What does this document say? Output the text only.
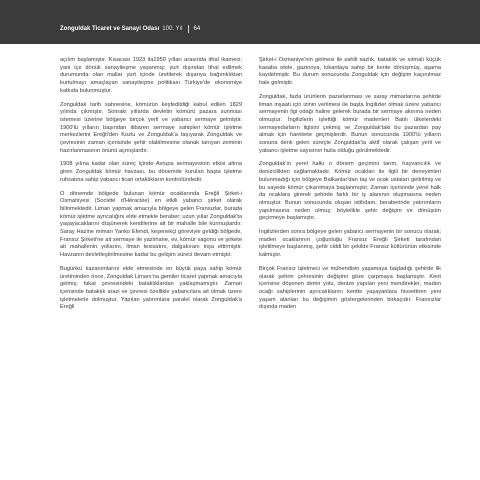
Zonguldak Ticaret ve Sanayi Odası 100. Yıl 64

açılım başlamıştır. Kısacası 1923 ila1950 yılları arasında ithal ikameci; yani içe dönük sanayileşme yaşanmış; yurt dışından ithal edilmek durumunda olan mallar yurt içinde üretilerek dışarıya bağımlılıktan kurtulmayı amaçlayan sanayileşme politikası Türkiye'de ekonomiye katkıda bulunmuştur.

Zonguldak tarih sahnesine, kömürün keşfedildiği kabul edilen 1829 yılında çıkmıştır. Sonraki yıllarda devletin kömürü pazara sunması istemesi üzerine bölgeye birçok yerli ve yabancı sermaye gelmiştir. 1900'lü yılların başından itibaren sermaye sahipleri kömür işletme merkezlerini Ereğli'den Kozlu ve Zonguldak'a taşıyarak Zonguldak ve çevresinin zaman içerisinde şehir olabilmesine olanak tanıyan zeminin hazırlanmasının önünü açmışlardır.

1908 yılına kadar olan süreç içinde Avrupa sermayesinin etkisi altına giren Zonguldak kömür havzası, bu dönemde kurulan başta işletme ruhsatına sahip yabancı ticari ortaklıkların kontrolündedir.

O dönemde bölgede bulunan kömür ocaklarında Ereğli Şirket-i Osmaniyesi (Société d'Héraclée) en etkili yabancı şirket olarak bilinmektedir. Liman yapmak amacıyla bölgeye gelen Fransızlar, burada kömür işletme ayrıcalığını elde etmekle beraber; uzun yıllar Zonguldak'ta yaşayacaklarını düşünerek kendilerine ait bir mahalle bile kurmuşlardır. Saray Hazine mimarı Yanko Efendi, keşenekçi göreviyle geldiği bölgede, Fransız Şirketi'ne ait sermaye ile yazlıhane, ev, kömür vagonu ve şirkete ait mahallenin yollarını, liman tesisatını, dalgakıranı inşa ettirmiştir. Havzanın devletleştirilmesine kadar bu gelişim süreci devam etmiştir.

Bugünkü kazanımlarını elde etmesinde en büyük paya sahip kömür üretiminden önce, Zonguldak Limanı'na gemiler ticaret yapmak amacıyla gelmiş; fakat çevresindeki bataklıklardan yaklaşmamıştır. Zaman içerisinde batakiık arazi ve çevresi özellikle yabancılara ait olmak üzere işletmelerle dolmuştur. Yapılan yatırımlara paralel olarak Zonguldak'a Ereğli

Şirket-i Osmaniye'nin gelmesi ile sahili sazlık, bataklık ve sıtmalı küçük kasaba otele, gazinoya, lokantaya sahip bir kente dönüşmüş, aşama kaydetmiştir. Bu durum sonucunda Zonguldak için değişim kaçınılmaz hale gelmiştir.

Zonguldak, fazla ürünlerin pazarlanması ve saray mimarlarına şehirde liman inşaatı için izinin verilmesi ile başta İngilizler olmak üzere yabancı sermayenin ilgi odağı haline gelerek burada bir sermaye akınına neden olmuştur. İngilizlerin işlettiği kömür madenleri Batılı ülkelerdeki sermayedarların ilgisini çekmiş ve Zonguldak'taki bu pazardan pay almak için harekete geçmişlerdir. Bunun sonucunda 1900'lü yılların sonuna denk gelen süreçte Zonguldak'ta aktif olarak çalışan yerli ve yabancı işletme sayısının fazla olduğu görülmektedir.

Zonguldak'ın yerel halkı o dönem geçimini tarım, hayvancılık ve denizcilikten sağlamaktadır. Kömür ocakları ile ilgili bir deneyimleri bulunmadığı için bölgeye Balkanlar'dan taş ve ocak ustaları getirilmiş ve bu sayede kömür çıkarılmaya başlanmıştır. Zaman içerisinde yerel halk da ocaklara girerek şehirde farklı bir iş alanının oluşmasına neden olmuştur. Bunun sonucunda oluşan istihdam, beraberinde yatırımların yapılmasına neden olmuş; böylelikle şehir değişim ve dönüşüm geçirmeye başlamıştır.

İngilizlerden sonra bölgeye gelen yabancı sermayenin bir sonucu olarak; maden ocaklarının çoğunluğu Fransız Ereğli Şirketi tarafından işletilmeye başlanmış, şehir ciddi bir şekilde Fransız kültürünün etkisinde kalmıştır.

Birçok Fransız işletmeci ve mühendisin yaşamaya başladığı şehirde ilk olarak şehrin çehresinin değişimi göze çarpmaya başlamıştır. Kent içerisine döşenen demir yolu, denize yapılan yeni mendirekler, maden ocağı sahiplerinin ayrıcalıklarını kentte yaşayanlara hissettiren yeni yaşam alanları bu değişimin göstergelerinden birkaçıdır. Fransızlar dışında maden
